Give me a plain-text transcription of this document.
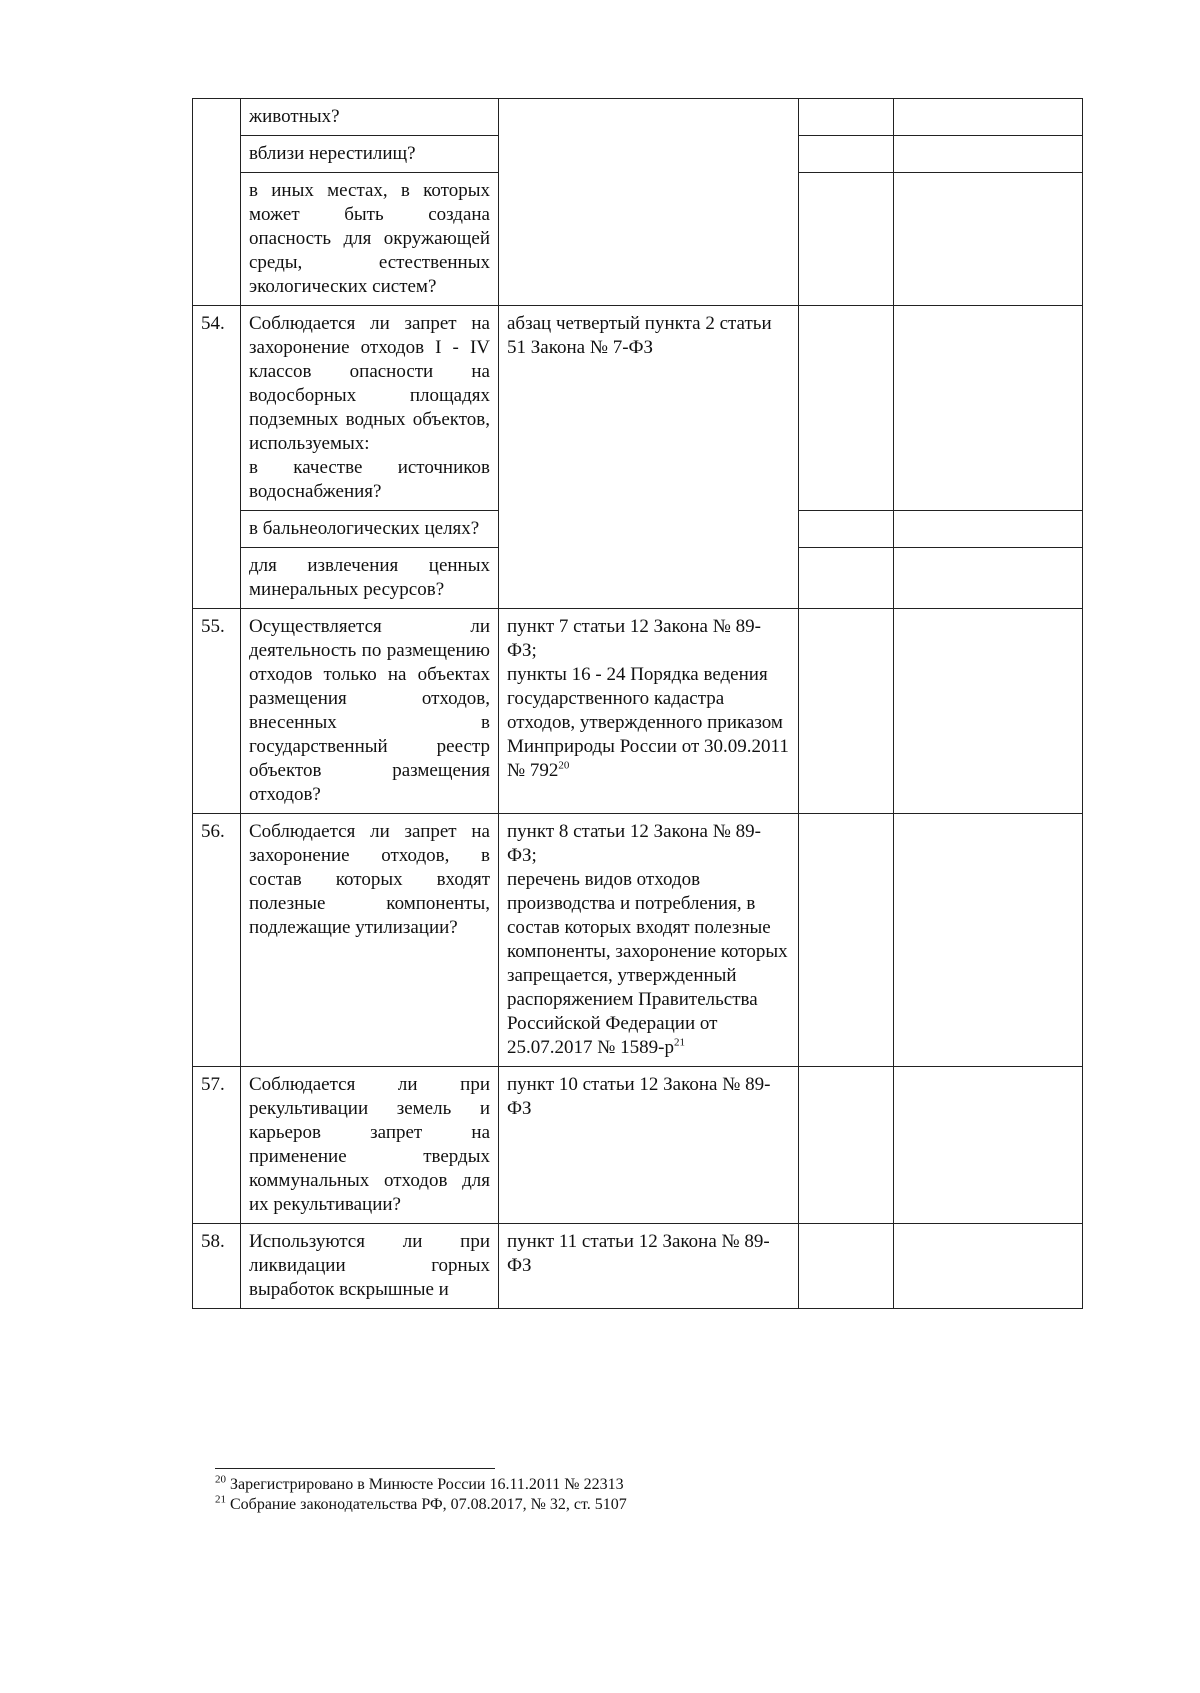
	животных?			
	вблизи нерестилищ?			
	в иных местах, в которых может быть создана опасность для окружающей среды, естественных экологических систем?			
54.	Соблюдается ли запрет на захоронение отходов I - IV классов опасности на водосборных площадях подземных водных объектов, используемых:
в качестве источников водоснабжения?	абзац четвертый пункта 2 статьи 51 Закона № 7-ФЗ		
	в бальнеологических целях?			
	для извлечения ценных минеральных ресурсов?			
55.	Осуществляется ли деятельность по размещению отходов только на объектах размещения отходов, внесенных в государственный реестр объектов размещения отходов?	пункт 7 статьи 12 Закона № 89-ФЗ;
пункты 16 - 24 Порядка ведения государственного кадастра отходов, утвержденного приказом Минприроды России от 30.09.2011 № $792^{20}$		
56.	Соблюдается ли запрет на захоронение отходов, в состав которых входят полезные компоненты, подлежащие утилизации?	пункт 8 статьи 12 Закона № 89-ФЗ;
перечень видов отходов производства и потребления, в состав которых входят полезные компоненты, захоронение которых запрещается, утвержденный распоряжением Правительства Российской Федерации от 25.07.2017 № $1589-р^{21}$		
57.	Соблюдается ли при рекультивации земель и карьеров запрет на применение твердых коммунальных отходов для их рекультивации?	пункт 10 статьи 12 Закона № 89-ФЗ		
58.	Используются ли при ликвидации горных выработок вскрышные и	пункт 11 статьи 12 Закона № 89-ФЗ		
$^{20}$ Зарегистрировано в Минюсте России 16.11.2011 № 22313
$^{21}$ Собрание законодательства РФ, 07.08.2017, № 32, ст. 5107
